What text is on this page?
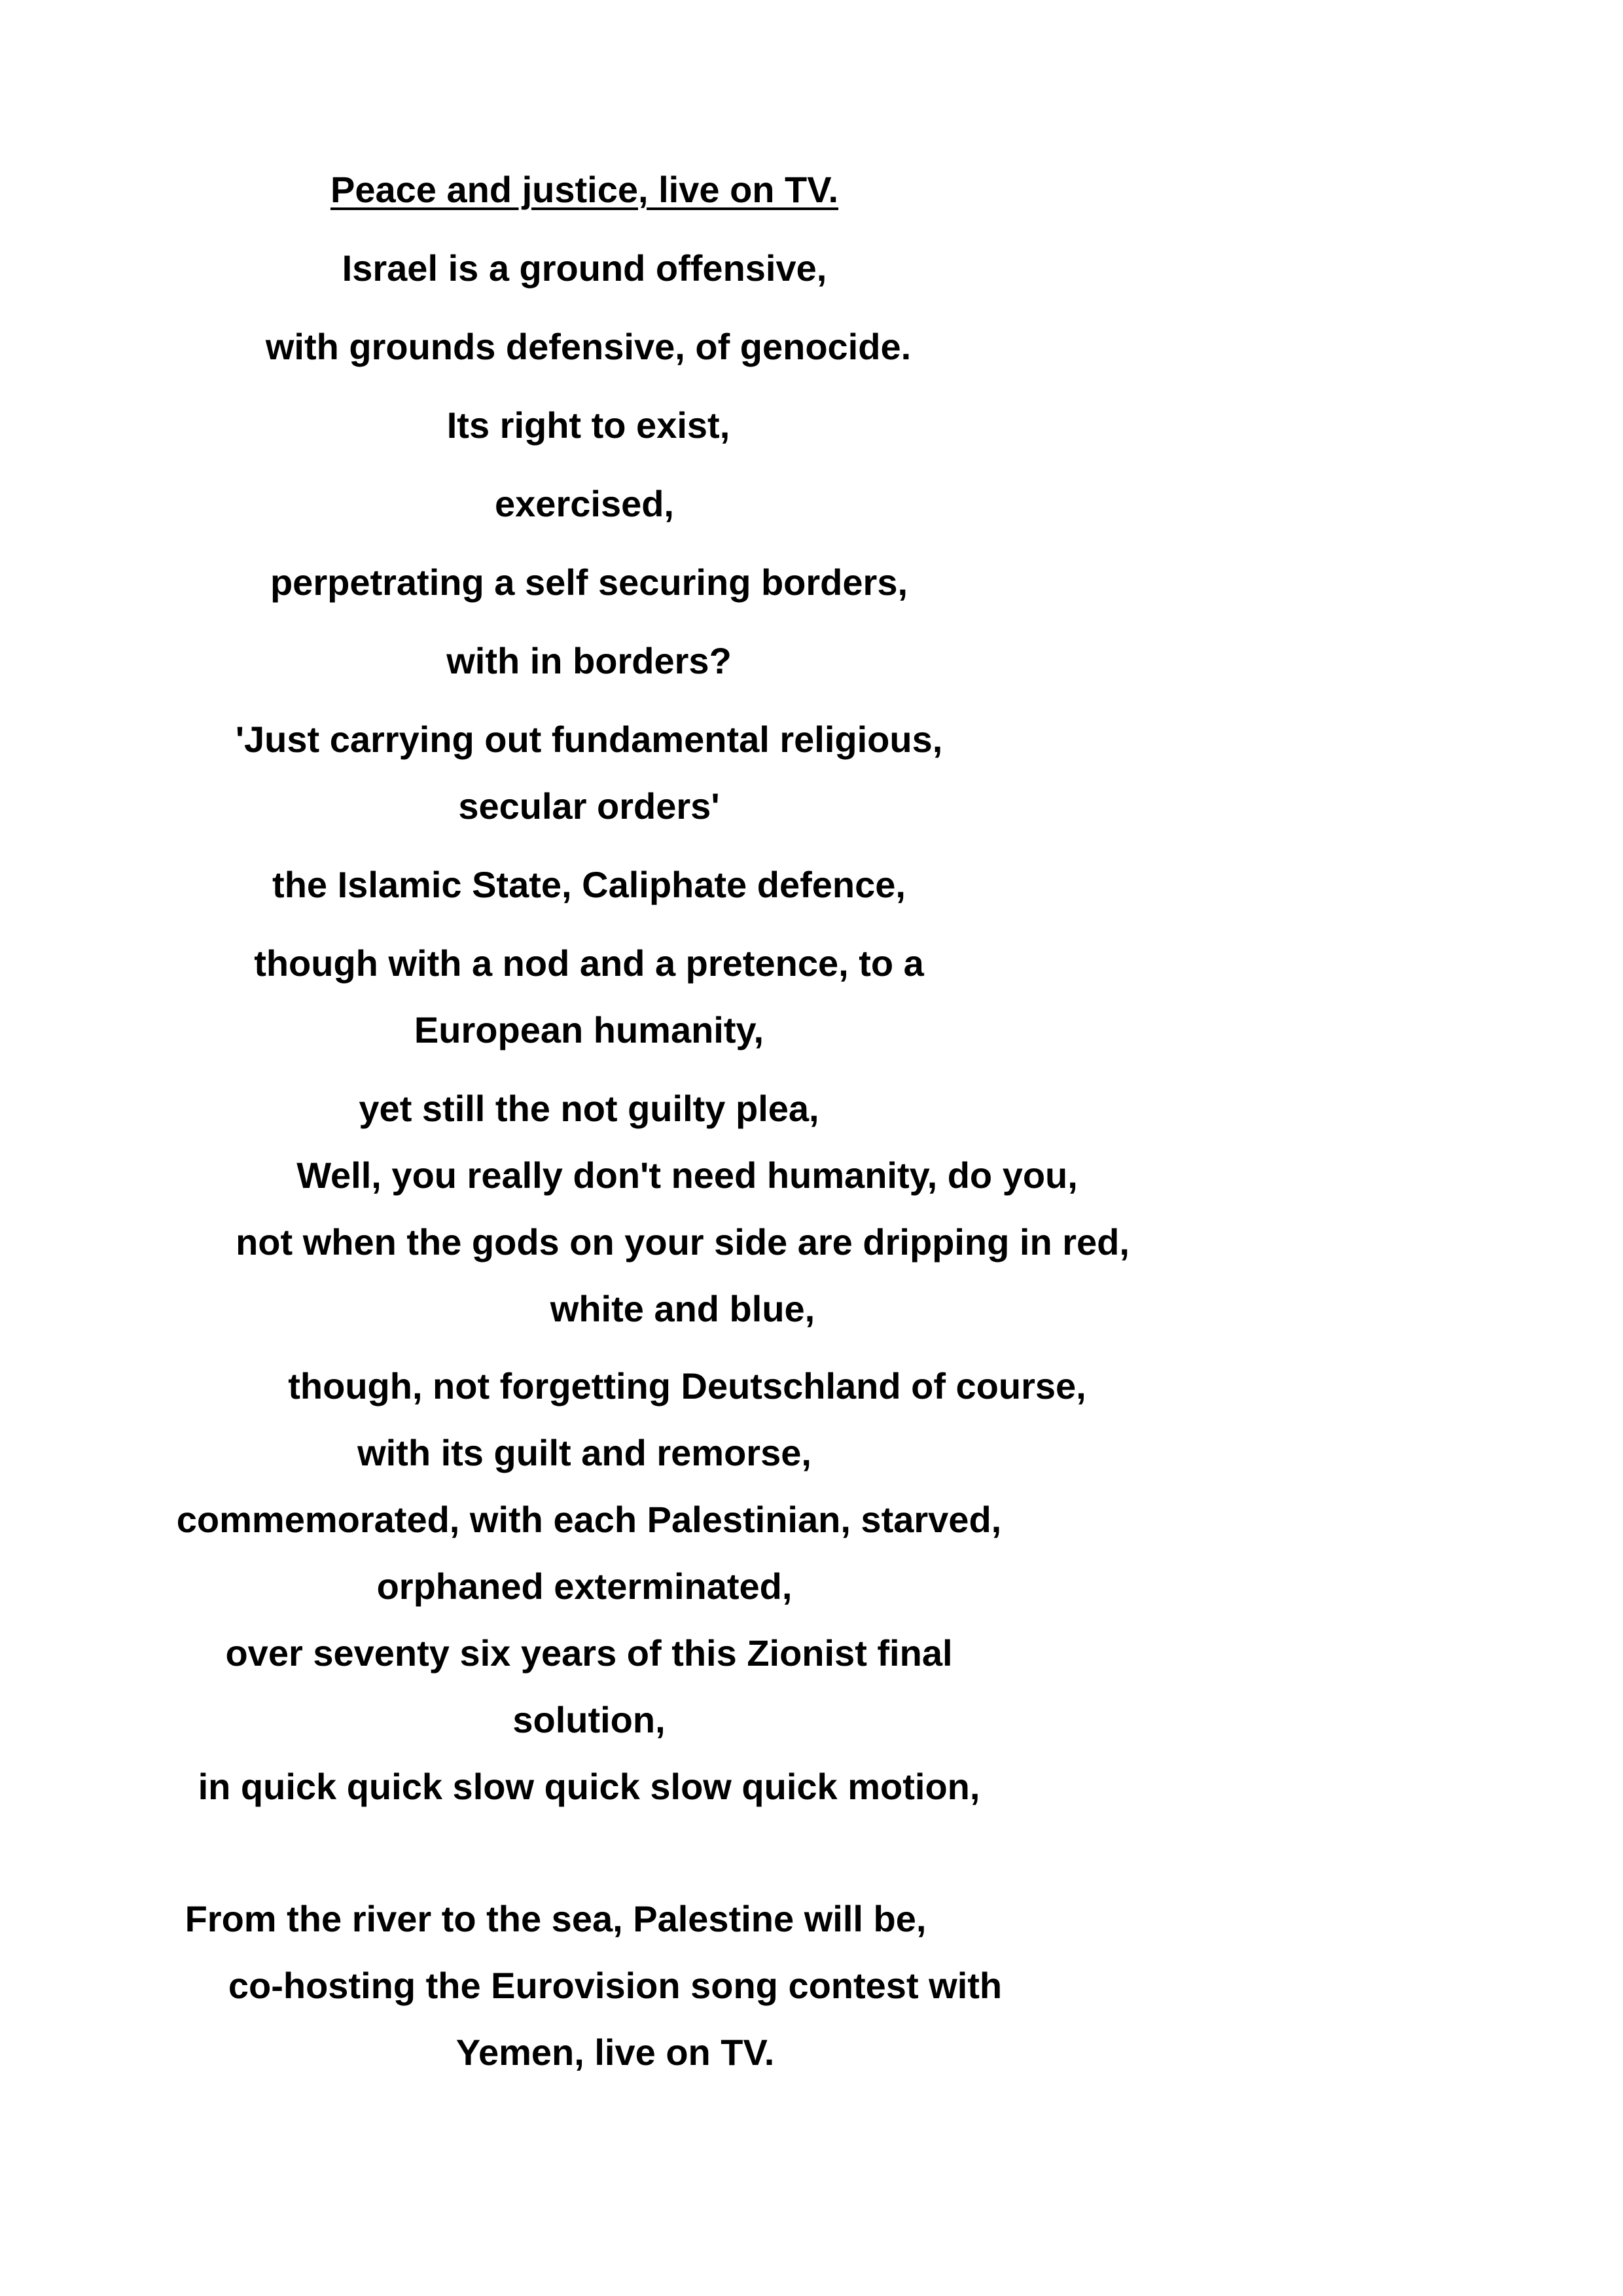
Peace and justice, live on TV.
Israel is a ground offensive,
with grounds defensive, of genocide.
Its right to exist,
exercised,
perpetrating a self securing borders,
with in borders?
'Just carrying out fundamental religious,
secular orders'
the Islamic State, Caliphate defence,
though with a nod and a pretence, to a
European humanity,
yet still the not guilty plea,
Well, you really don't need humanity, do you,
not when the gods on your side are dripping in red,
white and blue,
though, not forgetting Deutschland of course,
with its guilt and remorse,
commemorated, with each Palestinian, starved,
orphaned exterminated,
over seventy six years of this Zionist final
solution,
in quick quick slow quick slow quick motion,
From the river to the sea, Palestine will be,
co-hosting the Eurovision song contest with
Yemen, live on TV.
